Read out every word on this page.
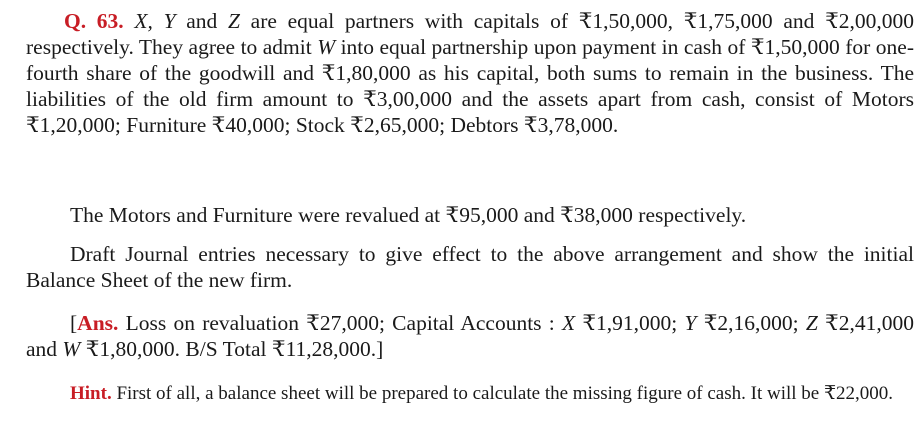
Q. 63. X, Y and Z are equal partners with capitals of ₹1,50,000, ₹1,75,000 and ₹2,00,000 respectively. They agree to admit W into equal partnership upon payment in cash of ₹1,50,000 for one-fourth share of the goodwill and ₹1,80,000 as his capital, both sums to remain in the business. The liabilities of the old firm amount to ₹3,00,000 and the assets apart from cash, consist of Motors ₹1,20,000; Furniture ₹40,000; Stock ₹2,65,000; Debtors ₹3,78,000.

The Motors and Furniture were revalued at ₹95,000 and ₹38,000 respectively.

Draft Journal entries necessary to give effect to the above arrangement and show the initial Balance Sheet of the new firm.

[Ans. Loss on revaluation ₹27,000; Capital Accounts : X ₹1,91,000; Y ₹2,16,000; Z ₹2,41,000 and W ₹1,80,000. B/S Total ₹11,28,000.]

Hint. First of all, a balance sheet will be prepared to calculate the missing figure of cash. It will be ₹22,000.
